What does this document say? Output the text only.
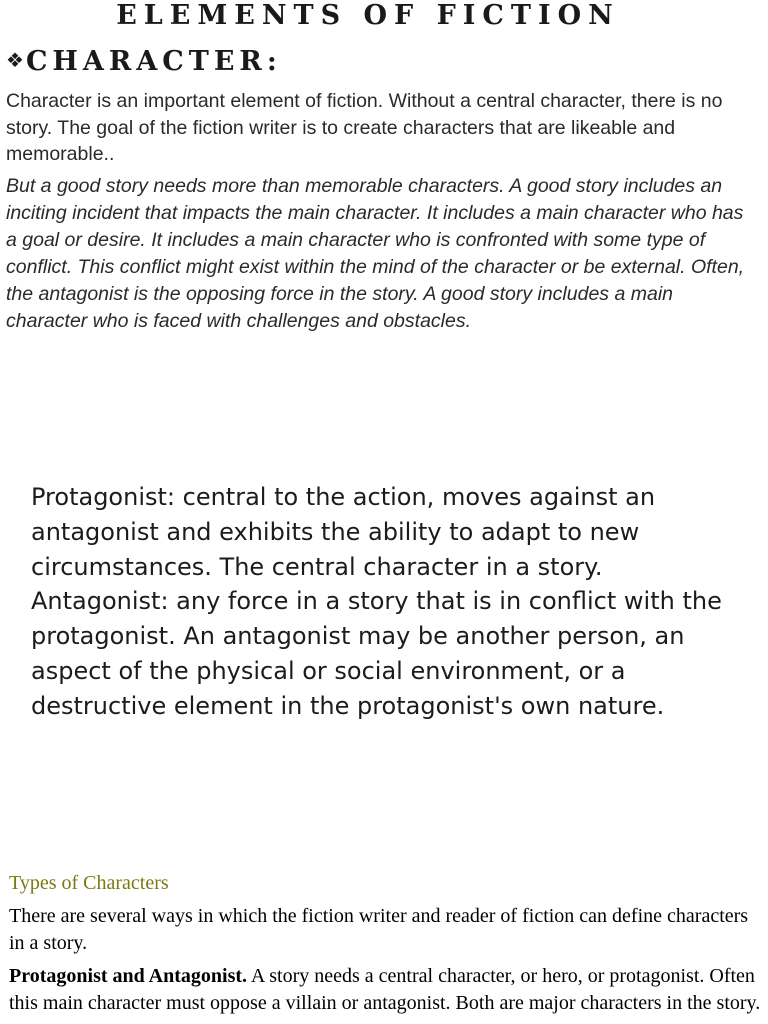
ELEMENTS OF FICTION
❖CHARACTER:

Character is an important element of fiction. Without a central character, there is no story. The goal of the fiction writer is to create characters that are likeable and memorable..

But a good story needs more than memorable characters. A good story includes an inciting incident that impacts the main character. It includes a main character who has a goal or desire. It includes a main character who is confronted with some type of conflict. This conflict might exist within the mind of the character or be external. Often, the antagonist is the opposing force in the story. A good story includes a main character who is faced with challenges and obstacles.

Protagonist: central to the action, moves against an antagonist and exhibits the ability to adapt to new circumstances. The central character in a story.

Antagonist: any force in a story that is in conflict with the protagonist. An antagonist may be another person, an aspect of the physical or social environment, or a destructive element in the protagonist's own nature.

Types of Characters

There are several ways in which the fiction writer and reader of fiction can define characters in a story.

Protagonist and Antagonist. A story needs a central character, or hero, or protagonist. Often this main character must oppose a villain or antagonist. Both are major characters in the story.
